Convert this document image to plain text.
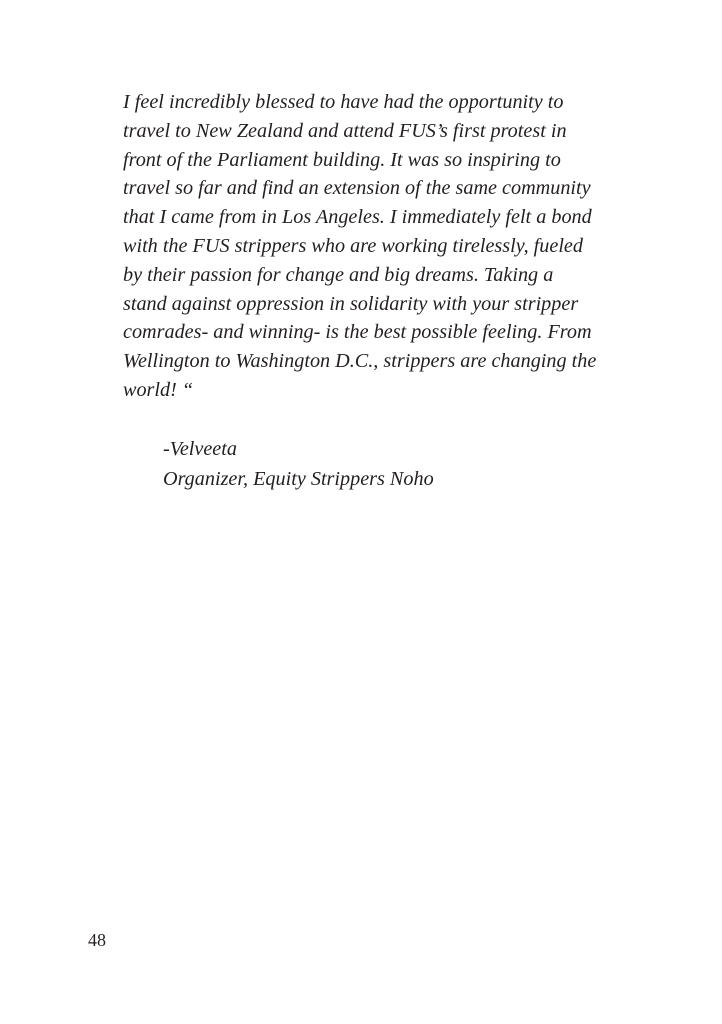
I feel incredibly blessed to have had the opportunity to
travel to New Zealand and attend FUS’s first protest in
front of the Parliament building. It was so inspiring to
travel so far and find an extension of the same community
that I came from in Los Angeles. I immediately felt a bond
with the FUS strippers who are working tirelessly, fueled
by their passion for change and big dreams. Taking a
stand against oppression in solidarity with your stripper
comrades- and winning- is the best possible feeling. From
Wellington to Washington D.C., strippers are changing the
world! “
-Velveeta
Organizer, Equity Strippers Noho
48
